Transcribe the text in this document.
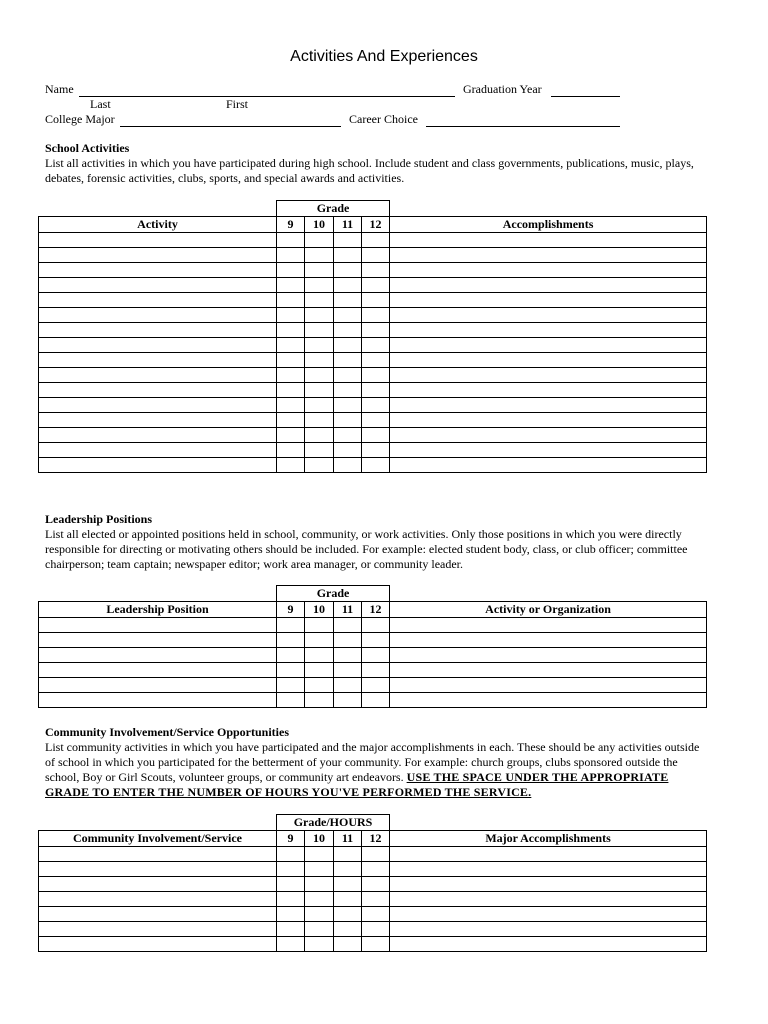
Activities And Experiences
Name	Graduation Year
Last	First
College Major	Career Choice
School Activities
List all activities in which you have participated during high school. Include student and class governments, publications, music, plays, debates, forensic activities, clubs, sports, and special awards and activities.
	Grade				
Activity	9	10	11	12	Accomplishments

Leadership Positions
List all elected or appointed positions held in school, community, or work activities. Only those positions in which you were directly responsible for directing or motivating others should be included. For example: elected student body, class, or club officer; committee chairperson; team captain; newspaper editor; work area manager, or community leader.
	Grade				
Leadership Position	9	10	11	12	Activity or Organization

Community Involvement/Service Opportunities
List community activities in which you have participated and the major accomplishments in each. These should be any activities outside of school in which you participated for the betterment of your community. For example: church groups, clubs sponsored outside the school, Boy or Girl Scouts, volunteer groups, or community art endeavors. USE THE SPACE UNDER THE APPROPRIATE GRADE TO ENTER THE NUMBER OF HOURS YOU'VE PERFORMED THE SERVICE.
	Grade/HOURS				
Community Involvement/Service	9	10	11	12	Major Accomplishments
